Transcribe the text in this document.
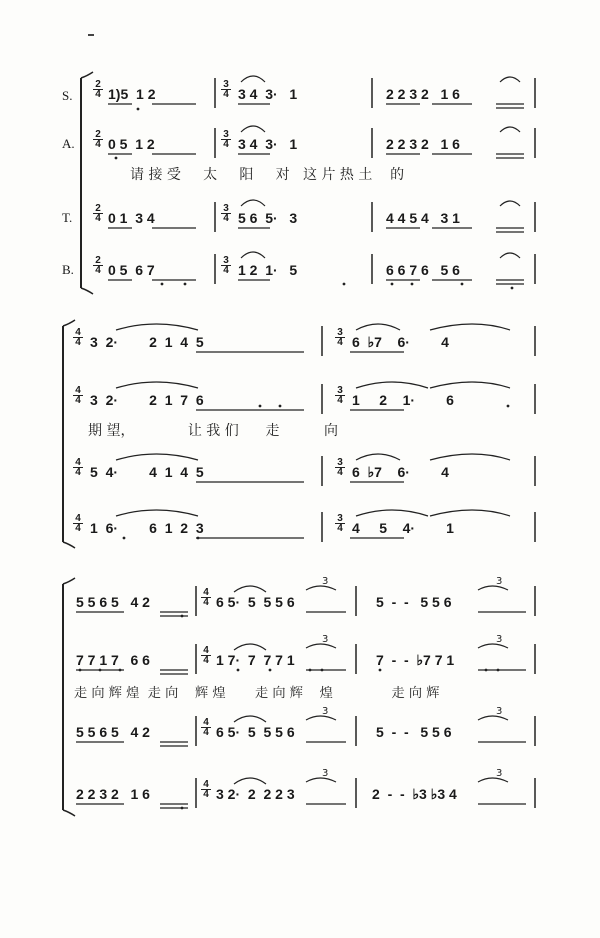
S.
2
4 1)5  1 2
3
4 3 4  3·   1	2 2 3 2   1 6
A.
2
4 0 5  1 2
3
4 3 4  3·   1	2 2 3 2   1 6
请 接 受     太     阳     对   这 片 热 土    的
T.
2
4 0 1  3 4
3
4 5 6  5·   3	4 4 5 4   3 1
B.
2
4 0 5  6 7
3
4 1 2  1·   5	6 6 7 6   5 6
4
4 3  2·        2  1  4  5
3
4 6  ♭7    6·        4
4
4 3  2·        2  1  7  6
3
4 1     2    1·        6
期 望，            让 我 们      走          向
4
4 5  4·        4  1  4  5
3
4 6  ♭7    6·        4
4
4 1  6·        6  1  2  3
3
4 4     5    4·        1
5 5 6 5   4 2
4
4 6 5·  5  5 5 6	5  -  -   5 5 6
7 7 1 7   6 6
4
4 1 7·  7  7 7 1	7  -  -  ♭7 7 1
走 向 辉 煌  走 向    辉 煌       走 向 辉    煌              走 向 辉
5 5 6 5   4 2
4
4 6 5·  5  5 5 6	5  -  -   5 5 6
2 2 3 2   1 6
4
4 3 2·  2  2 2 3	2  -  -  ♭3 ♭3 4
3	3
3	3
3	3
3	3
